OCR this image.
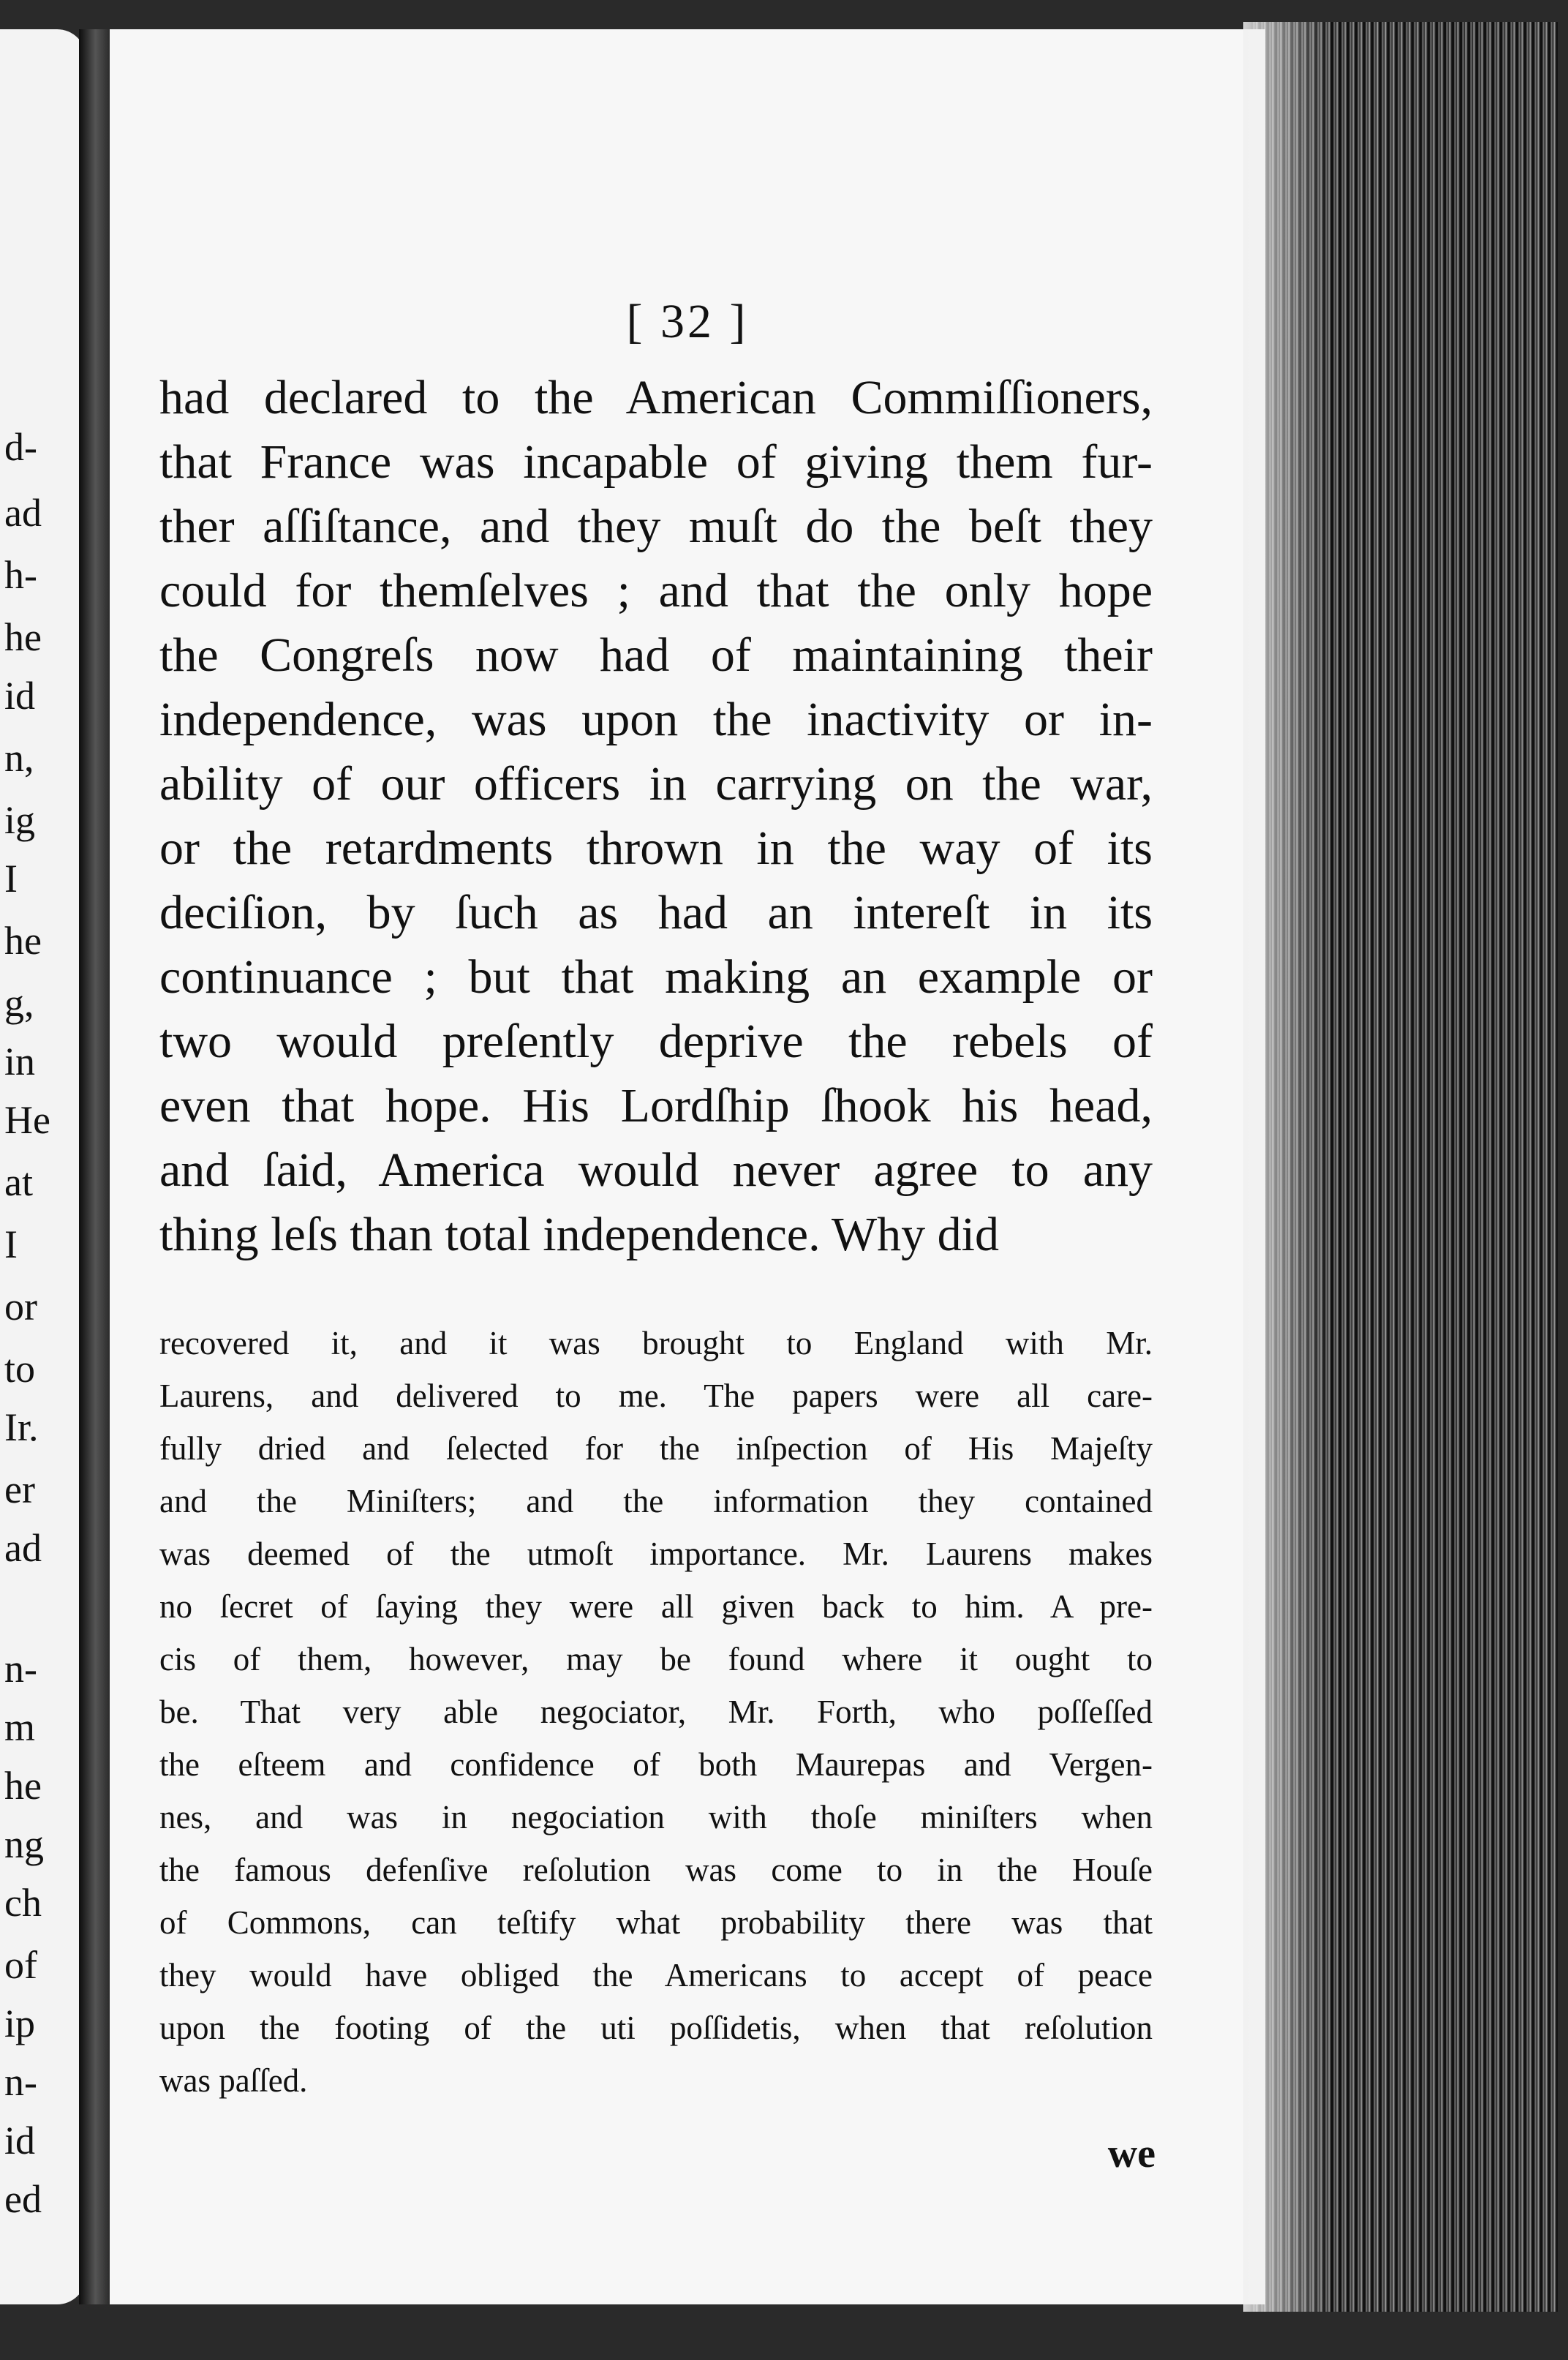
d-
ad
h-
he
id
n,
ig
I
he
g,
in
He
at
I
or
to
Ir.
er
ad
n-
m
he
ng
ch
of
ip
n-
id
ed
[ 32 ]
had declared to the American Commiſſioners,
that France was incapable of giving them fur-
ther aſſiſtance, and they muſt do the beſt they
could for themſelves ; and that the only hope
the Congreſs now had of maintaining their
independence, was upon the inactivity or in-
ability of our officers in carrying on the war,
or the retardments thrown in the way of its
deciſion, by ſuch as had an intereſt in its
continuance ; but that making an example or
two would preſently deprive the rebels of
even that hope. His Lordſhip ſhook his head,
and ſaid, America would never agree to any
thing leſs than total independence. Why did
recovered it, and it was brought to England with Mr.
Laurens, and delivered to me. The papers were all care-
fully dried and ſelected for the inſpection of His Majeſty
and the Miniſters; and the information they contained
was deemed of the utmoſt importance. Mr. Laurens makes
no ſecret of ſaying they were all given back to him. A pre-
cis of them, however, may be found where it ought to
be. That very able negociator, Mr. Forth, who poſſeſſed
the eſteem and confidence of both Maurepas and Vergen-
nes, and was in negociation with thoſe miniſters when
the famous defenſive reſolution was come to in the Houſe
of Commons, can teſtify what probability there was that
they would have obliged the Americans to accept of peace
upon the footing of the uti poſſidetis, when that reſolution
was paſſed.
we
